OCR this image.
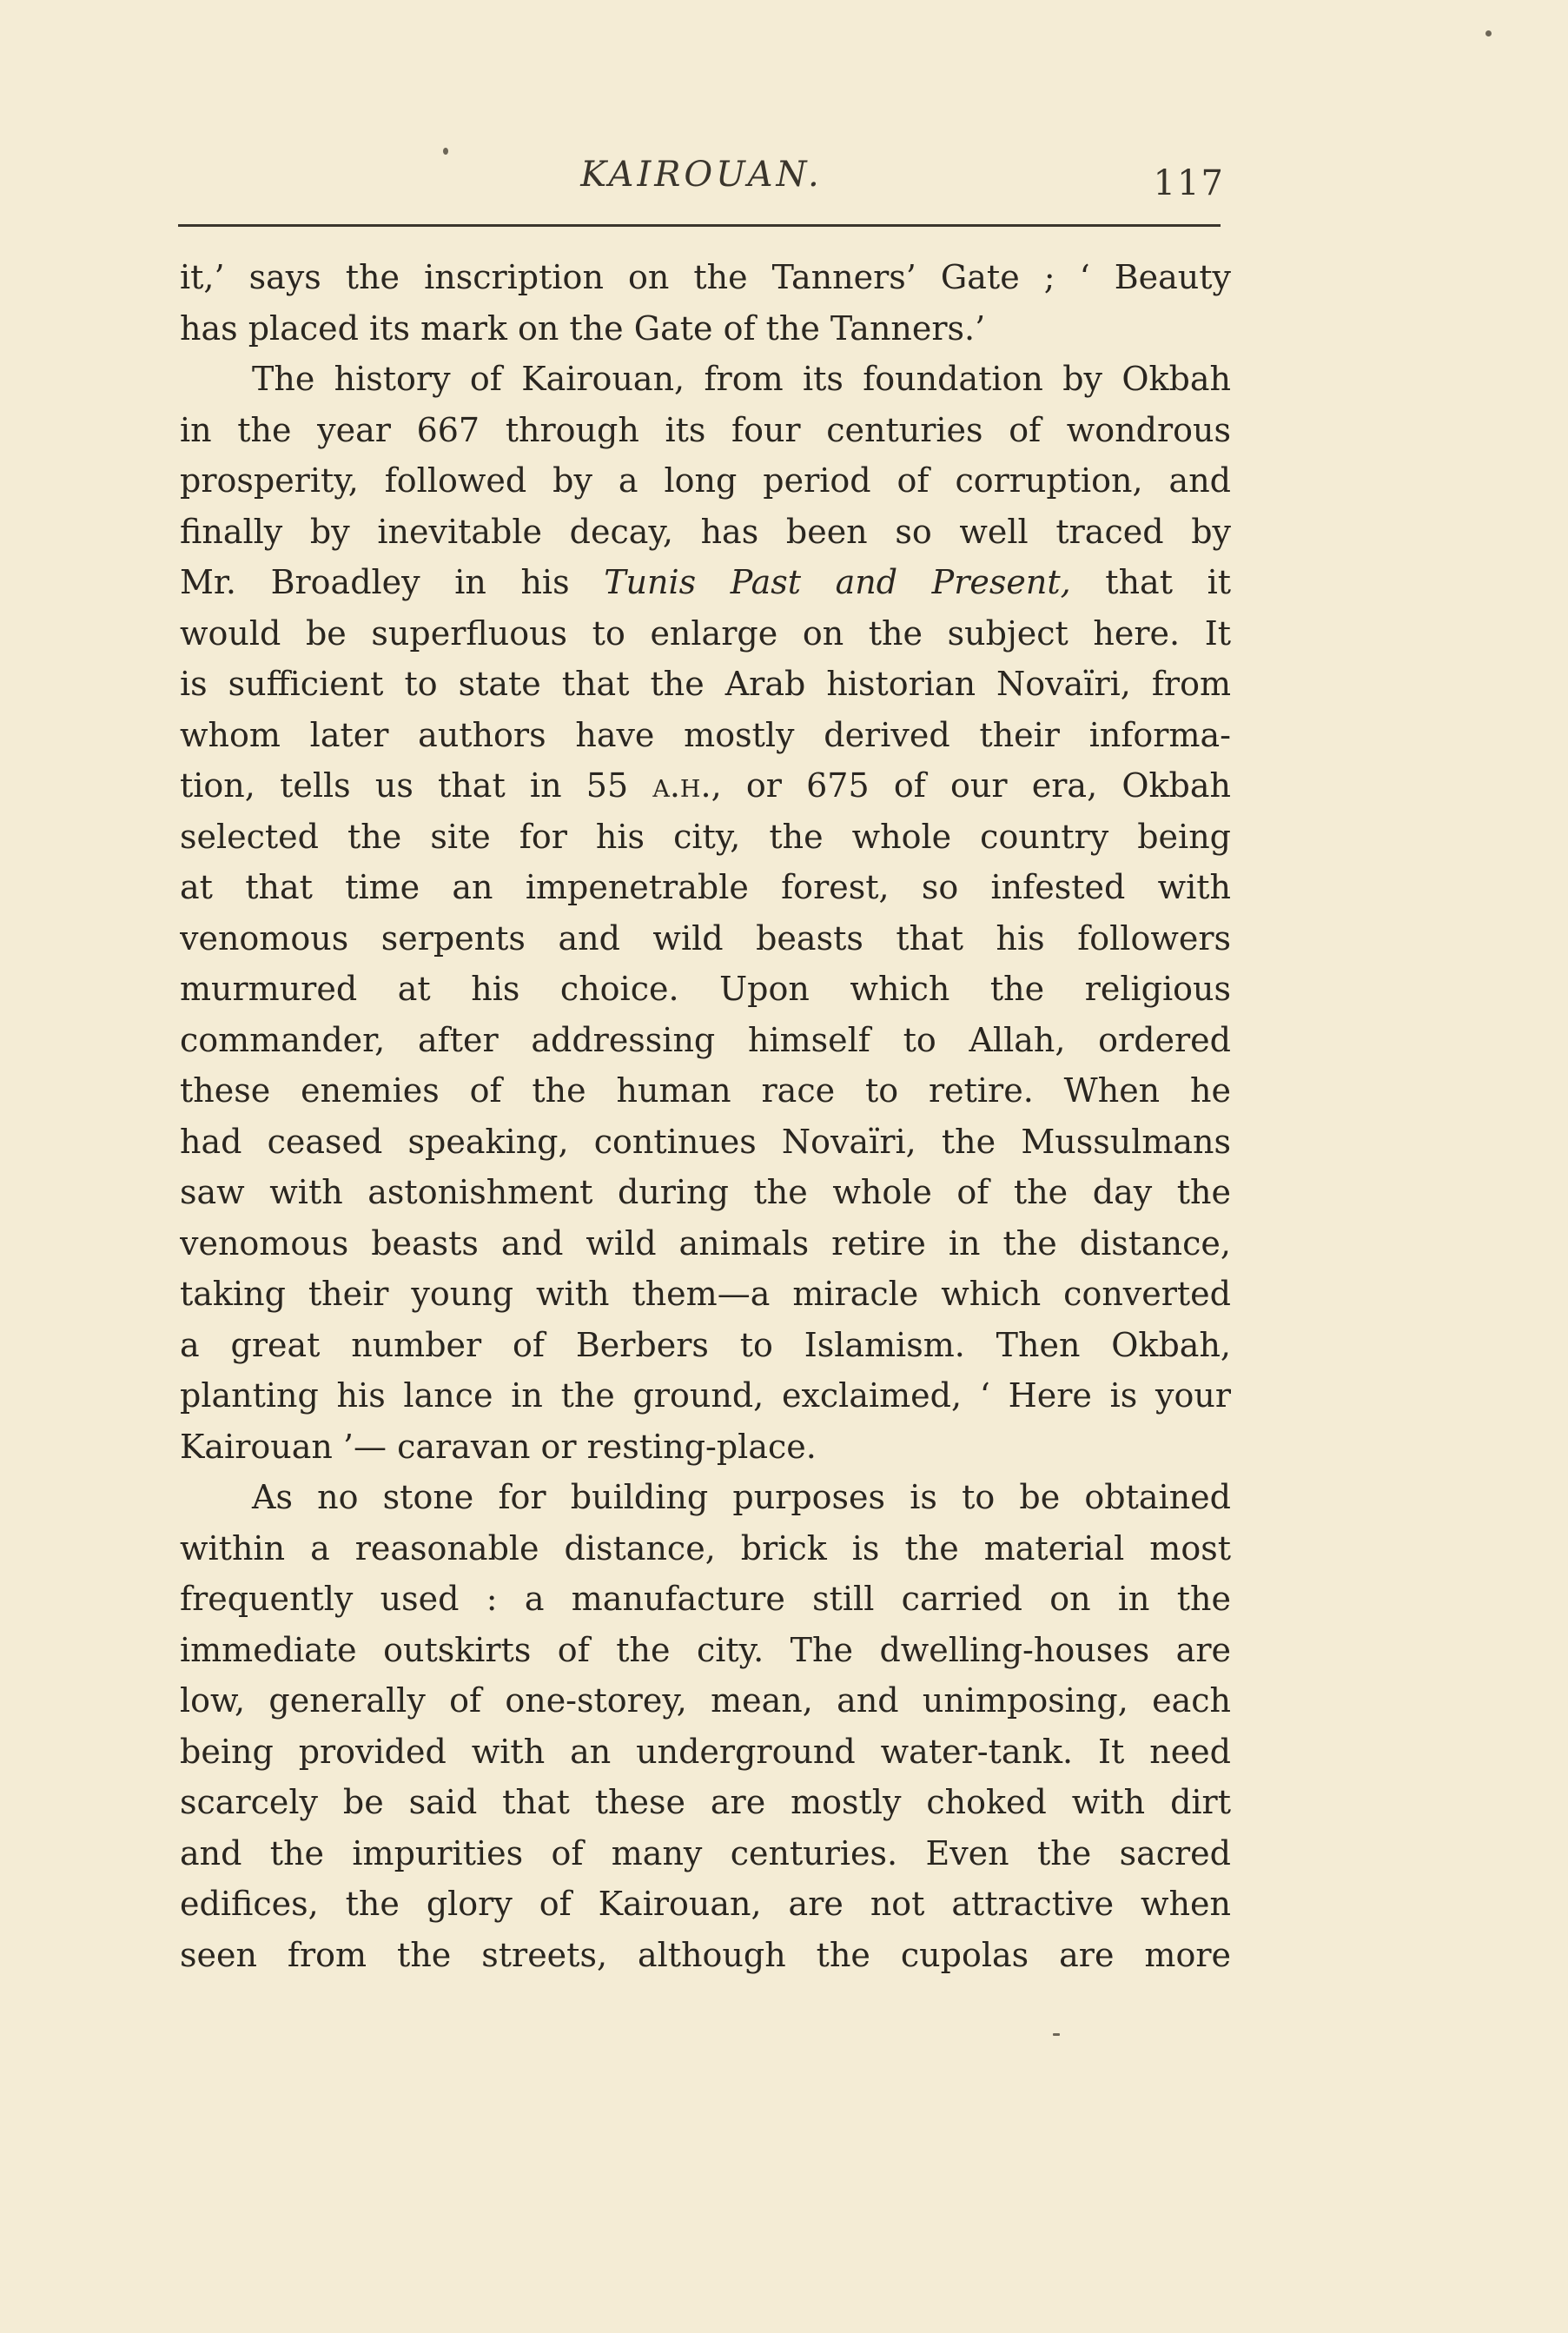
KAIROUAN.	117
it,’ says the inscription on the Tanners’ Gate ; ‘ Beauty
has placed its mark on the Gate of the Tanners.’
The history of Kairouan, from its foundation by Okbah
in the year 667 through its four centuries of wondrous
prosperity, followed by a long period of corruption, and
finally by inevitable decay, has been so well traced by
Mr. Broadley in his Tunis Past and Present, that it
would be superfluous to enlarge on the subject here. It
is sufficient to state that the Arab historian Novaïri, from
whom later authors have mostly derived their informa-
tion, tells us that in 55 a.h., or 675 of our era, Okbah
selected the site for his city, the whole country being
at that time an impenetrable forest, so infested with
venomous serpents and wild beasts that his followers
murmured at his choice. Upon which the religious
commander, after addressing himself to Allah, ordered
these enemies of the human race to retire. When he
had ceased speaking, continues Novaïri, the Mussulmans
saw with astonishment during the whole of the day the
venomous beasts and wild animals retire in the distance,
taking their young with them—a miracle which converted
a great number of Berbers to Islamism. Then Okbah,
planting his lance in the ground, exclaimed, ‘ Here is your
Kairouan ’— caravan or resting-place.
As no stone for building purposes is to be obtained
within a reasonable distance, brick is the material most
frequently used : a manufacture still carried on in the
immediate outskirts of the city. The dwelling-houses are
low, generally of one-storey, mean, and unimposing, each
being provided with an underground water-tank. It need
scarcely be said that these are mostly choked with dirt
and the impurities of many centuries. Even the sacred
edifices, the glory of Kairouan, are not attractive when
seen from the streets, although the cupolas are more
